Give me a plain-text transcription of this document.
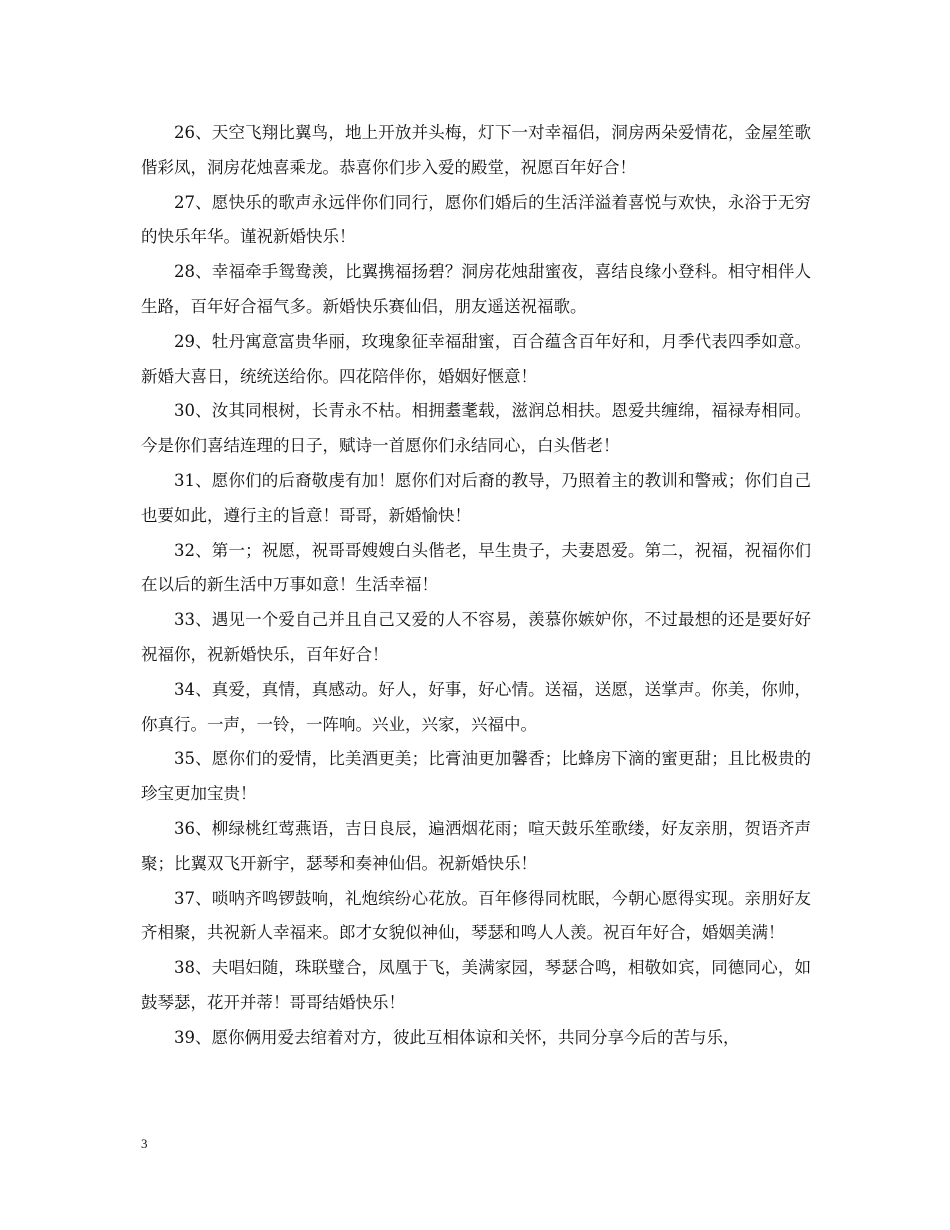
26、天空飞翔比翼鸟，地上开放并头梅，灯下一对幸福侣，洞房两朵爱情花，金屋笙歌偕彩凤，洞房花烛喜乘龙。恭喜你们步入爱的殿堂，祝愿百年好合！

27、愿快乐的歌声永远伴你们同行，愿你们婚后的生活洋溢着喜悦与欢快，永浴于无穷的快乐年华。谨祝新婚快乐！

28、幸福牵手鸳鸯羡，比翼携福扬碧？洞房花烛甜蜜夜，喜结良缘小登科。相守相伴人生路，百年好合福气多。新婚快乐赛仙侣，朋友遥送祝福歌。

29、牡丹寓意富贵华丽，玫瑰象征幸福甜蜜，百合蕴含百年好和，月季代表四季如意。新婚大喜日，统统送给你。四花陪伴你，婚姻好惬意！

30、汝其同根树，长青永不枯。相拥耋耄载，滋润总相扶。恩爱共缠绵，福禄寿相同。今是你们喜结连理的日子，赋诗一首愿你们永结同心，白头偕老！

31、愿你们的后裔敬虔有加！愿你们对后裔的教导，乃照着主的教训和警戒；你们自己也要如此，遵行主的旨意！哥哥，新婚愉快！

32、第一；祝愿，祝哥哥嫂嫂白头偕老，早生贵子，夫妻恩爱。第二，祝福，祝福你们在以后的新生活中万事如意！生活幸福！

33、遇见一个爱自己并且自己又爱的人不容易，羡慕你嫉妒你，不过最想的还是要好好祝福你，祝新婚快乐，百年好合！

34、真爱，真情，真感动。好人，好事，好心情。送福，送愿，送掌声。你美，你帅，你真行。一声，一铃，一阵响。兴业，兴家，兴福中。

35、愿你们的爱情，比美酒更美；比膏油更加馨香；比蜂房下滴的蜜更甜；且比极贵的珍宝更加宝贵！

36、柳绿桃红莺燕语，吉日良辰，遍洒烟花雨；喧天鼓乐笙歌缕，好友亲朋，贺语齐声聚；比翼双飞开新宇，瑟琴和奏神仙侣。祝新婚快乐！

37、唢呐齐鸣锣鼓响，礼炮缤纷心花放。百年修得同枕眠，今朝心愿得实现。亲朋好友齐相聚，共祝新人幸福来。郎才女貌似神仙，琴瑟和鸣人人羡。祝百年好合，婚姻美满！

38、夫唱妇随，珠联璧合，凤凰于飞，美满家园，琴瑟合鸣，相敬如宾，同德同心，如鼓琴瑟，花开并蒂！哥哥结婚快乐！

39、愿你俩用爱去绾着对方，彼此互相体谅和关怀，共同分享今后的苦与乐，

3
